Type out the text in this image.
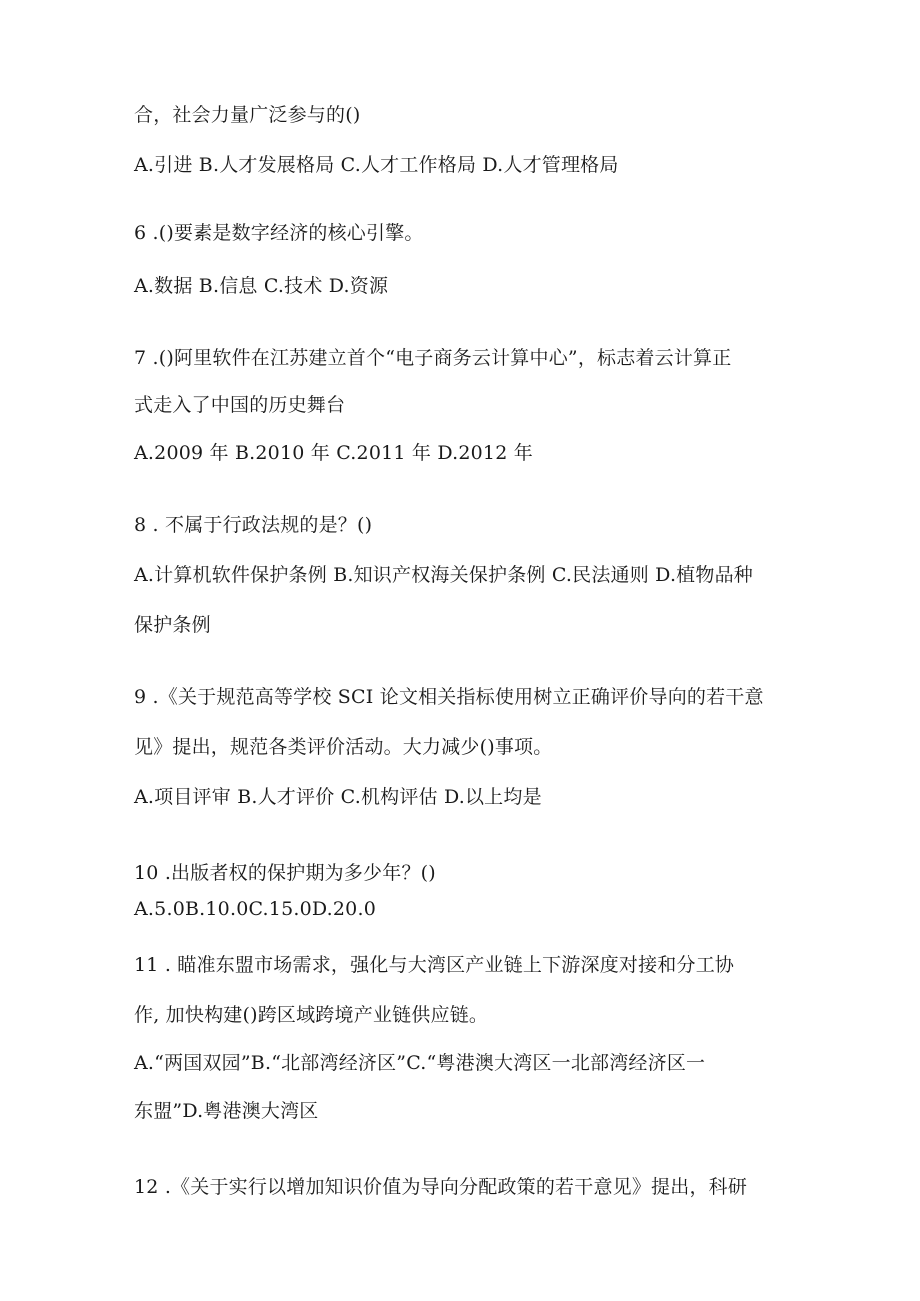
合，社会力量广泛参与的()
A.引进 B.人才发展格局 C.人才工作格局 D.人才管理格局
6 .()要素是数字经济的核心引擎。
A.数据 B.信息 C.技术 D.资源
7 .()阿里软件在江苏建立首个“电子商务云计算中心”，标志着云计算正
式走入了中国的历史舞台
A.2009 年 B.2010 年 C.2011 年 D.2012 年
8 . 不属于行政法规的是？()
A.计算机软件保护条例 B.知识产权海关保护条例 C.民法通则 D.植物品种
保护条例
9 .《关于规范高等学校 SCI 论文相关指标使用树立正确评价导向的若干意
见》提出，规范各类评价活动。大力减少()事项。
A.项目评审 B.人才评价 C.机构评估 D.以上均是
10 .出版者权的保护期为多少年？()
A.5.0B.10.0C.15.0D.20.0
11 . 瞄准东盟市场需求，强化与大湾区产业链上下游深度对接和分工协
作, 加快构建()跨区域跨境产业链供应链。
A.“两国双园”B.“北部湾经济区”C.“粤港澳大湾区一北部湾经济区一
东盟”D.粤港澳大湾区
12 .《关于实行以增加知识价值为导向分配政策的若干意见》提出，科研
